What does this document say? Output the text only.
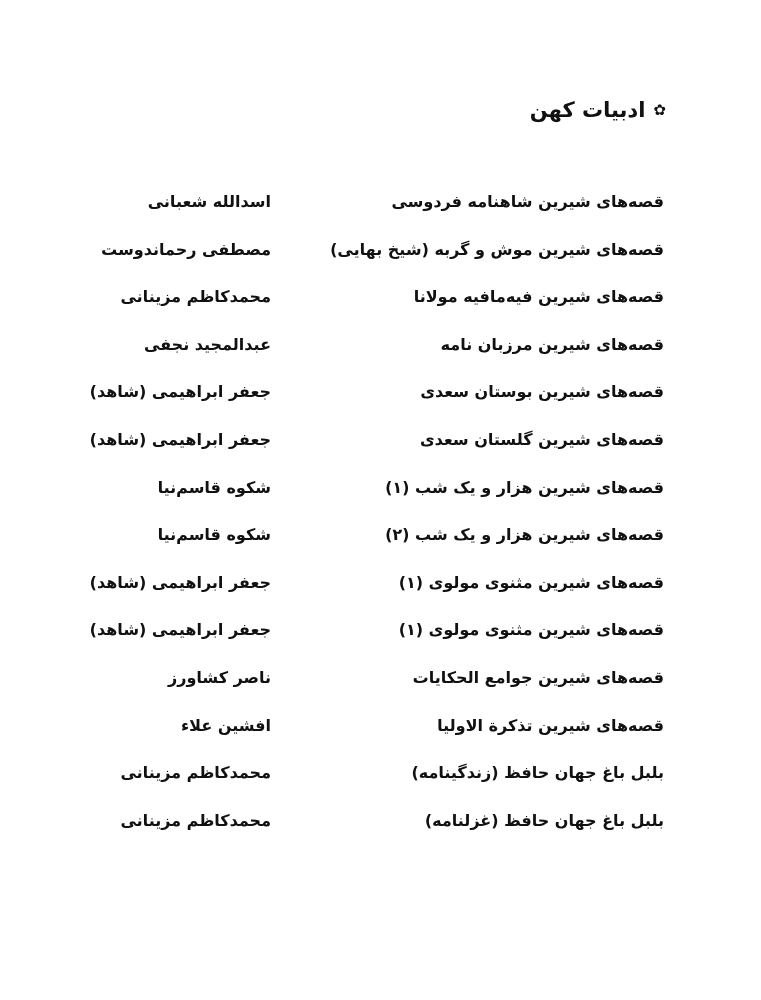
✿
ادبیات کهن
قصه‌های شیرین شاهنامه فردوسی
اسدالله شعبانی
قصه‌های شیرین موش و گربه (شیخ بهایی)
مصطفی رحماندوست
قصه‌های شیرین فیه‌مافیه مولانا
محمدکاظم مزینانی
قصه‌های شیرین مرزبان نامه
عبدالمجید نجفی
قصه‌های شیرین بوستان سعدی
جعفر ابراهیمی (شاهد)
قصه‌های شیرین گلستان سعدی
جعفر ابراهیمی (شاهد)
قصه‌های شیرین هزار و یک شب (۱)
شکوه قاسم‌نیا
قصه‌های شیرین هزار و یک شب (۲)
شکوه قاسم‌نیا
قصه‌های شیرین مثنوی مولوی (۱)
جعفر ابراهیمی (شاهد)
قصه‌های شیرین مثنوی مولوی (۱)
جعفر ابراهیمی (شاهد)
قصه‌های شیرین جوامع الحکایات
ناصر کشاورز
قصه‌های شیرین تذکرة الاولیا
افشین علاء
بلبل باغ جهان حافظ (زندگینامه)
محمدکاظم مزینانی
بلبل باغ جهان حافظ (غزلنامه)
محمدکاظم مزینانی
